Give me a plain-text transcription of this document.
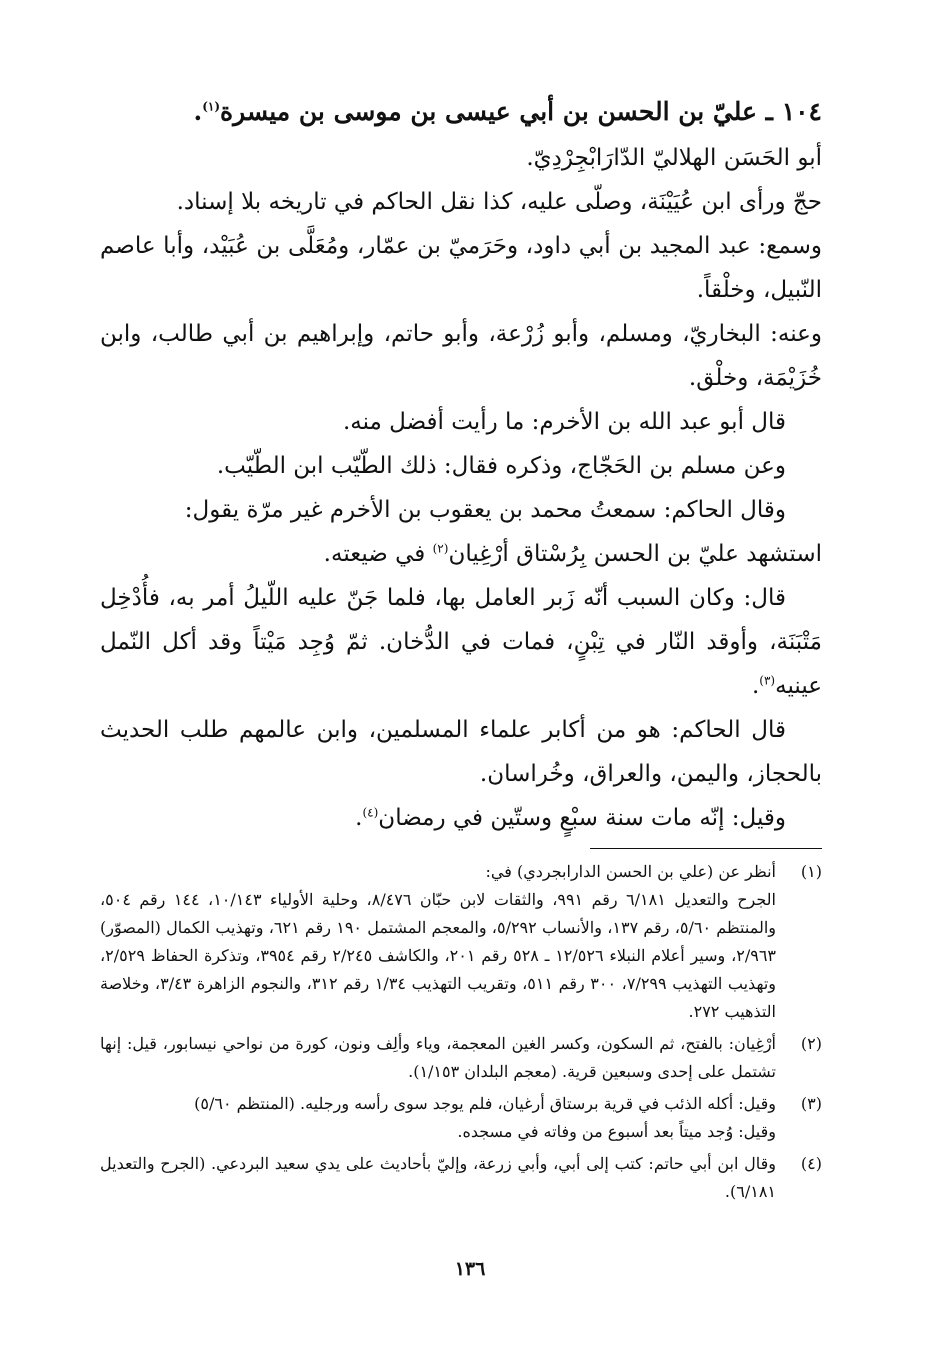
١٠٤ ـ عليّ بن الحسن بن أبي عيسى بن موسى بن ميسرة$^{(١)}$.

أبو الحَسَن الهلاليّ الدّارَابْجِرْدِيّ.

حجّ ورأى ابن عُيَيْنَة، وصلّى عليه، كذا نقل الحاكم في تاريخه بلا إسناد.

وسمع: عبد المجيد بن أبي داود، وحَرَميّ بن عمّار، ومُعَلَّى بن عُبَيْد، وأبا عاصم النّبيل، وخلْقاً.

وعنه: البخاريّ، ومسلم، وأبو زُرْعة، وأبو حاتم، وإبراهيم بن أبي طالب، وابن خُزَيْمَة، وخلْق.

قال أبو عبد الله بن الأخرم: ما رأيت أفضل منه.

وعن مسلم بن الحَجّاج، وذكره فقال: ذلك الطّيّب ابن الطّيّب.

وقال الحاكم: سمعتُ محمد بن يعقوب بن الأخرم غير مرّة يقول:

استشهد عليّ بن الحسن بِرُسْتاق أرْغِيان$^{(٢)}$ في ضيعته.

قال: وكان السبب أنّه زَبر العامل بها، فلما جَنّ عليه اللّيلُ أمر به، فأُدْخِل مَتْبَنَة، وأوقد النّار في تِبْنٍ، فمات في الدُّخان. ثمّ وُجِد مَيْتاً وقد أكل النّمل عينيه$^{(٣)}$.

قال الحاكم: هو من أكابر علماء المسلمين، وابن عالمهم طلب الحديث بالحجاز، واليمن، والعراق، وخُراسان.

وقيل: إنّه مات سنة سبْعٍ وستّين في رمضان$^{(٤)}$.

(١)
أنظر عن (علي بن الحسن الدارابجردي) في:
الجرح والتعديل ٦/١٨١ رقم ٩٩١، والثقات لابن حبّان ٨/٤٧٦، وحلية الأولياء ١٠/١٤٣، ١٤٤ رقم ٥٠٤، والمنتظم ٥/٦٠، رقم ١٣٧، والأنساب ٥/٢٩٢، والمعجم المشتمل ١٩٠ رقم ٦٢١، وتهذيب الكمال (المصوّر) ٢/٩٦٣، وسير أعلام النبلاء ١٢/٥٢٦ ـ ٥٢٨ رقم ٢٠١، والكاشف ٢/٢٤٥ رقم ٣٩٥٤، وتذكرة الحفاظ ٢/٥٢٩، وتهذيب التهذيب ٧/٢٩٩، ٣٠٠ رقم ٥١١، وتقريب التهذيب ١/٣٤ رقم ٣١٢، والنجوم الزاهرة ٣/٤٣، وخلاصة التذهيب ٢٧٢.
(٢)
أرْغِيان: بالفتح، ثم السكون، وكسر الغين المعجمة، وياء وألِف ونون، كورة من نواحي نيسابور، قيل: إنها تشتمل على إحدى وسبعين قرية. (معجم البلدان ١/١٥٣).
(٣)
وقيل: أكله الذئب في قرية برستاق أرغيان، فلم يوجد سوى رأسه ورجليه. (المنتظم ٥/٦٠)
وقيل: وُجد ميتاً بعد أسبوع من وفاته في مسجده.
(٤)
وقال ابن أبي حاتم: كتب إلى أبي، وأبي زرعة، وإليّ بأحاديث على يدي سعيد البردعي. (الجرح والتعديل ٦/١٨١).
١٣٦
